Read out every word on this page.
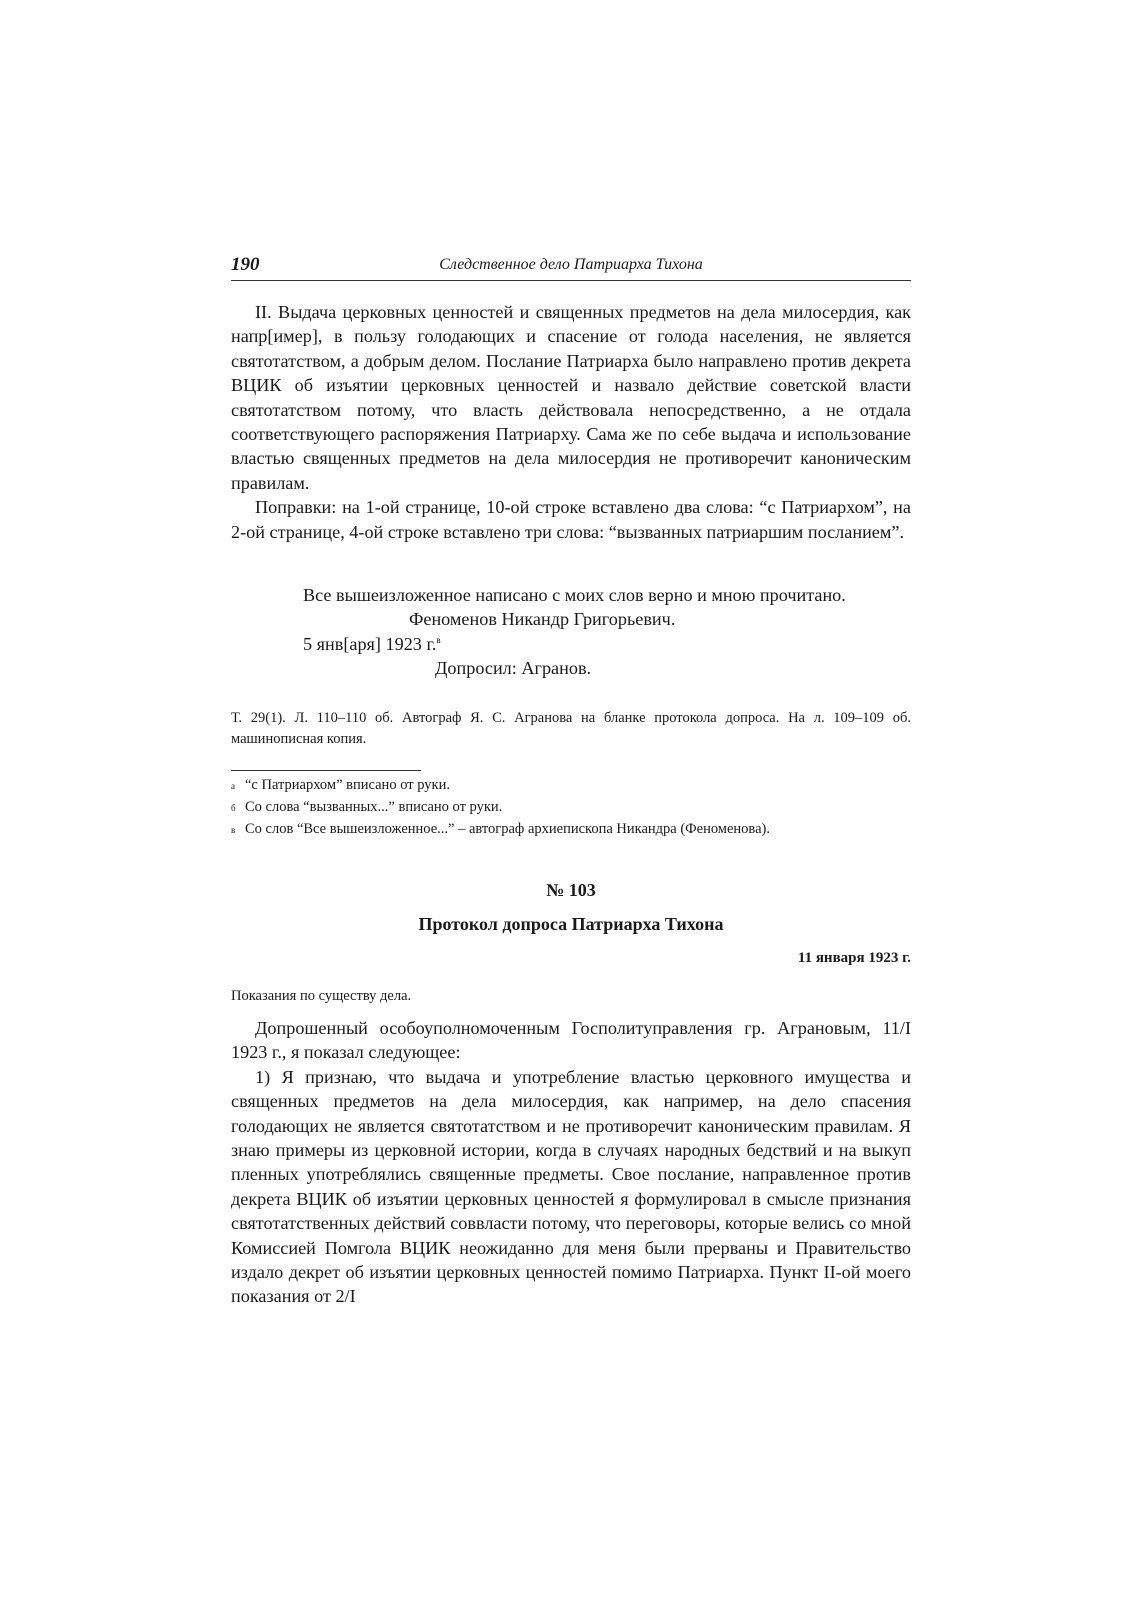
190	Следственное дело Патриарха Тихона

II. Выдача церковных ценностей и священных предметов на дела милосердия, как напр[имер], в пользу голодающих и спасение от голода населения, не является святотатством, а добрым делом. Послание Патриарха было направлено против декрета ВЦИК об изъятии церковных ценностей и назвало действие советской власти святотатством потому, что власть действовала непосредственно, а не отдала соответствующего распоряжения Патриарху. Сама же по себе выдача и использование властью священных предметов на дела милосердия не противоречит каноническим правилам.

Поправки: на 1-ой странице, 10-ой строке вставлено два слова: “с Патриархом”, на 2-ой странице, 4-ой строке вставлено три слова: “вызванных патриаршим посланием”.

Все вышеизложенное написано с моих слов верно и мною прочитано.
Феноменов Никандр Григорьевич.
5 янв[аря] 1923 г.$^в$
Допросил: Агранов.
Т. 29(1). Л. 110–110 об. Автограф Я. С. Агранова на бланке протокола допроса. На л. 109–109 об. машинописная копия.
а “с Патриархом” вписано от руки.
б Со слова “вызванных...” вписано от руки.
в Со слов “Все вышеизложенное...” – автограф архиепископа Никандра (Феноменова).
№ 103
Протокол допроса Патриарха Тихона
11 января 1923 г.
Показания по существу дела.

Допрошенный особоуполномоченным Госполитуправления гр. Аграновым, 11/I 1923 г., я показал следующее:

1) Я признаю, что выдача и употребление властью церковного имущества и священных предметов на дела милосердия, как например, на дело спасения голодающих не является святотатством и не противоречит каноническим правилам. Я знаю примеры из церковной истории, когда в случаях народных бедствий и на выкуп пленных употреблялись священные предметы. Свое послание, направленное против декрета ВЦИК об изъятии церковных ценностей я формулировал в смысле признания святотатственных действий соввласти потому, что переговоры, которые велись со мной Комиссией Помгола ВЦИК неожиданно для меня были прерваны и Правительство издало декрет об изъятии церковных ценностей помимо Патриарха. Пункт II-ой моего показания от 2/I
